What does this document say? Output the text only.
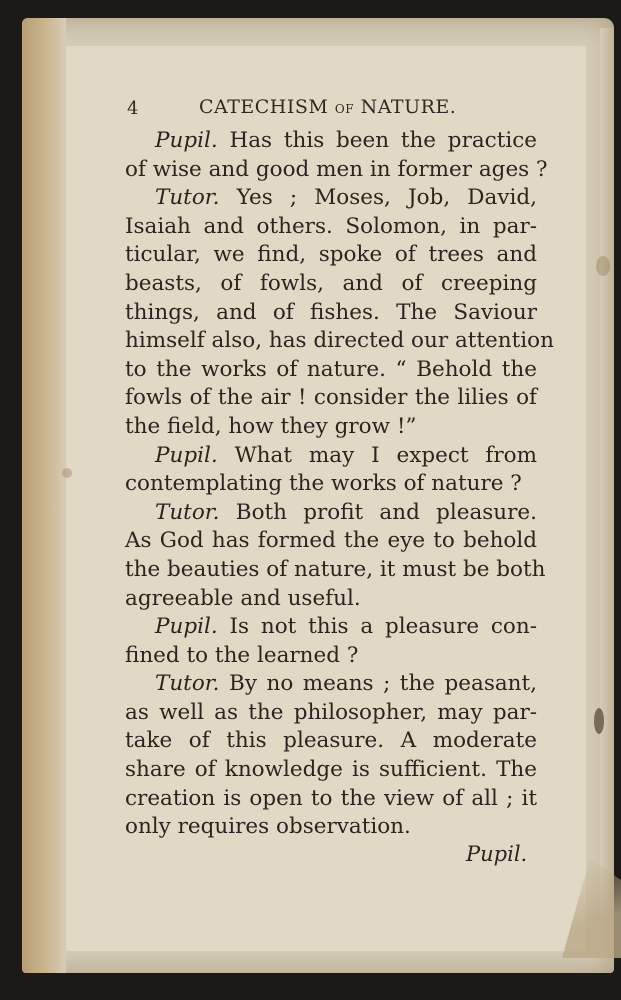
4	CATECHISM OF NATURE.
Pupil. Has this been the practice
of wise and good men in former ages ?
Tutor. Yes ; Moses, Job, David,
Isaiah and others. Solomon, in par-
ticular, we find, spoke of trees and
beasts, of fowls, and of creeping
things, and of fishes. The Saviour
himself also, has directed our attention
to the works of nature. “ Behold the
fowls of the air ! consider the lilies of
the field, how they grow !”
Pupil. What may I expect from
contemplating the works of nature ?
Tutor. Both profit and pleasure.
As God has formed the eye to behold
the beauties of nature, it must be both
agreeable and useful.
Pupil. Is not this a pleasure con-
fined to the learned ?
Tutor. By no means ; the peasant,
as well as the philosopher, may par-
take of this pleasure. A moderate
share of knowledge is sufficient. The
creation is open to the view of all ; it
only requires observation.
Pupil.
